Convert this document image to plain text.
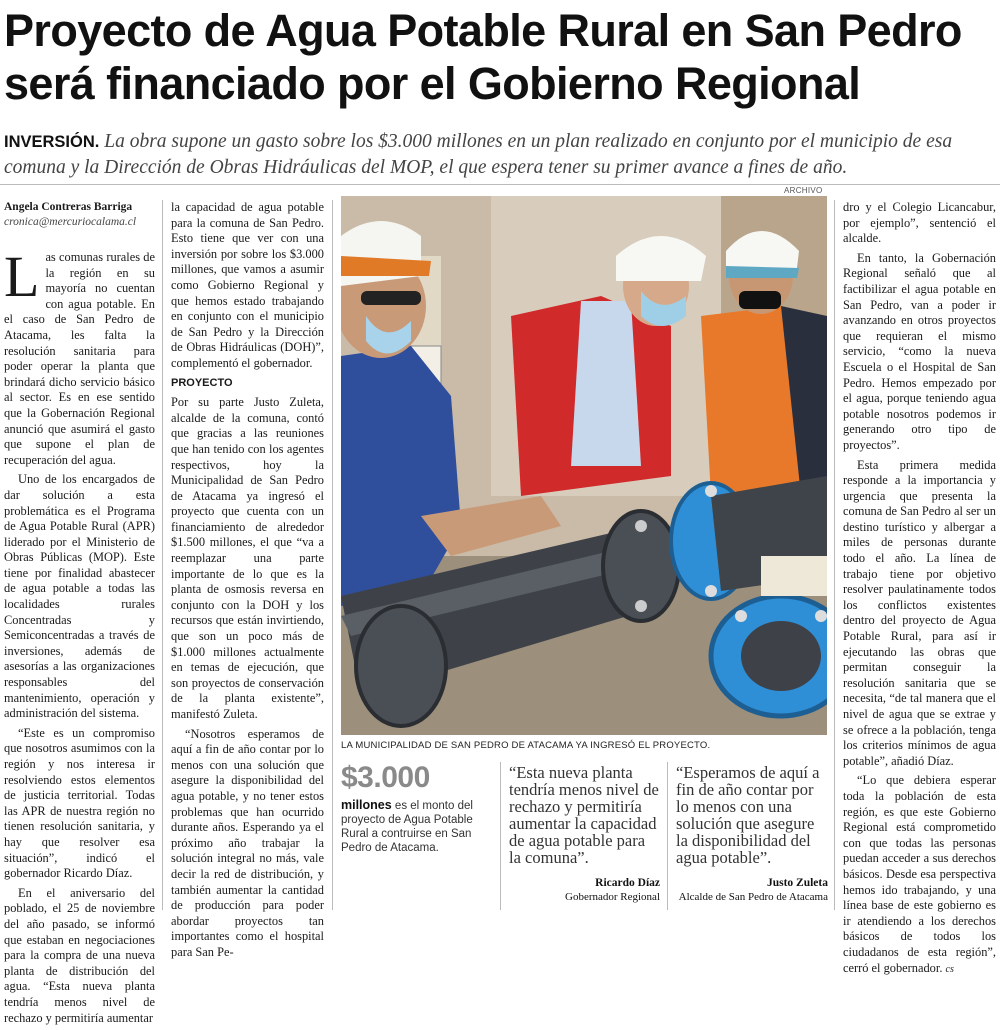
Proyecto de Agua Potable Rural en San Pedro será financiado por el Gobierno Regional
INVERSIÓN. La obra supone un gasto sobre los $3.000 millones en un plan realizado en conjunto por el municipio de esa comuna y la Dirección de Obras Hidráulicas del MOP, el que espera tener su primer avance a fines de año.
Angela Contreras Barriga
cronica@mercuriocalama.cl

Las comunas rurales de la región en su mayoría no cuentan con agua potable. En el caso de San Pedro de Atacama, les falta la resolución sanitaria para poder operar la planta que brindará dicho servicio básico al sector. Es en ese sentido que la Gobernación Regional anunció que asumirá el gasto que supone el plan de recuperación del agua.

Uno de los encargados de dar solución a esta problemática es el Programa de Agua Potable Rural (APR) liderado por el Ministerio de Obras Públicas (MOP). Este tiene por finalidad abastecer de agua potable a todas las localidades rurales Concentradas y Semiconcentradas a través de inversiones, además de asesorías a las organizaciones responsables del mantenimiento, operación y administración del sistema.

“Este es un compromiso que nosotros asumimos con la región y nos interesa ir resolviendo estos elementos de justicia territorial. Todas las APR de nuestra región no tienen resolución sanitaria, y hay que resolver esa situación”, indicó el gobernador Ricardo Díaz.

En el aniversario del poblado, el 25 de noviembre del año pasado, se informó que estaban en negociaciones para la compra de una nueva planta de distribución del agua. “Esta nueva planta tendría menos nivel de rechazo y permitiría aumentar

la capacidad de agua potable para la comuna de San Pedro. Esto tiene que ver con una inversión por sobre los $3.000 millones, que vamos a asumir como Gobierno Regional y que hemos estado trabajando en conjunto con el municipio de San Pedro y la Dirección de Obras Hidráulicas (DOH)”, complementó el gobernador.

PROYECTO

Por su parte Justo Zuleta, alcalde de la comuna, contó que gracias a las reuniones que han tenido con los agentes respectivos, hoy la Municipalidad de San Pedro de Atacama ya ingresó el proyecto que cuenta con un financiamiento de alrededor $1.500 millones, el que “va a reemplazar una parte importante de lo que es la planta de osmosis reversa en conjunto con la DOH y los recursos que están invirtiendo, que son un poco más de $1.000 millones actualmente en temas de ejecución, que son proyectos de conservación de la planta existente”, manifestó Zuleta.

“Nosotros esperamos de aquí a fin de año contar por lo menos con una solución que asegure la disponibilidad del agua potable, y no tener estos problemas que han ocurrido durante años. Esperando ya el próximo año trabajar la solución integral no más, vale decir la red de distribución, y también aumentar la cantidad de producción para poder abordar proyectos tan importantes como el hospital para San Pe-

ARCHIVO
LA MUNICIPALIDAD DE SAN PEDRO DE ATACAMA YA INGRESÓ EL PROYECTO.
$3.000
millones es el monto del proyecto de Agua Potable Rural a contruirse en San Pedro de Atacama.
“Esta nueva planta tendría menos nivel de rechazo y permitiría aumentar la capacidad de agua potable para la comuna”.
Ricardo Díaz
Gobernador Regional
“Esperamos de aquí a fin de año contar por lo menos con una solución que asegure la disponibilidad del agua potable”.
Justo Zuleta
Alcalde de San Pedro de Atacama

dro y el Colegio Licancabur, por ejemplo”, sentenció el alcalde.

En tanto, la Gobernación Regional señaló que al factibilizar el agua potable en San Pedro, van a poder ir avanzando en otros proyectos que requieran el mismo servicio, “como la nueva Escuela o el Hospital de San Pedro. Hemos empezado por el agua, porque teniendo agua potable nosotros podemos ir generando otro tipo de proyectos”.

Esta primera medida responde a la importancia y urgencia que presenta la comuna de San Pedro al ser un destino turístico y albergar a miles de personas durante todo el año. La línea de trabajo tiene por objetivo resolver paulatinamente todos los conflictos existentes dentro del proyecto de Agua Potable Rural, para así ir ejecutando las obras que permitan conseguir la resolución sanitaria que se necesita, “de tal manera que el nivel de agua que se extrae y se ofrece a la población, tenga los criterios mínimos de agua potable”, añadió Díaz.

“Lo que debiera esperar toda la población de esta región, es que este Gobierno Regional está comprometido con que todas las personas puedan acceder a sus derechos básicos. Desde esa perspectiva hemos ido trabajando, y una línea base de este gobierno es ir atendiendo a los derechos básicos de todos los ciudadanos de esta región”, cerró el gobernador. cs
